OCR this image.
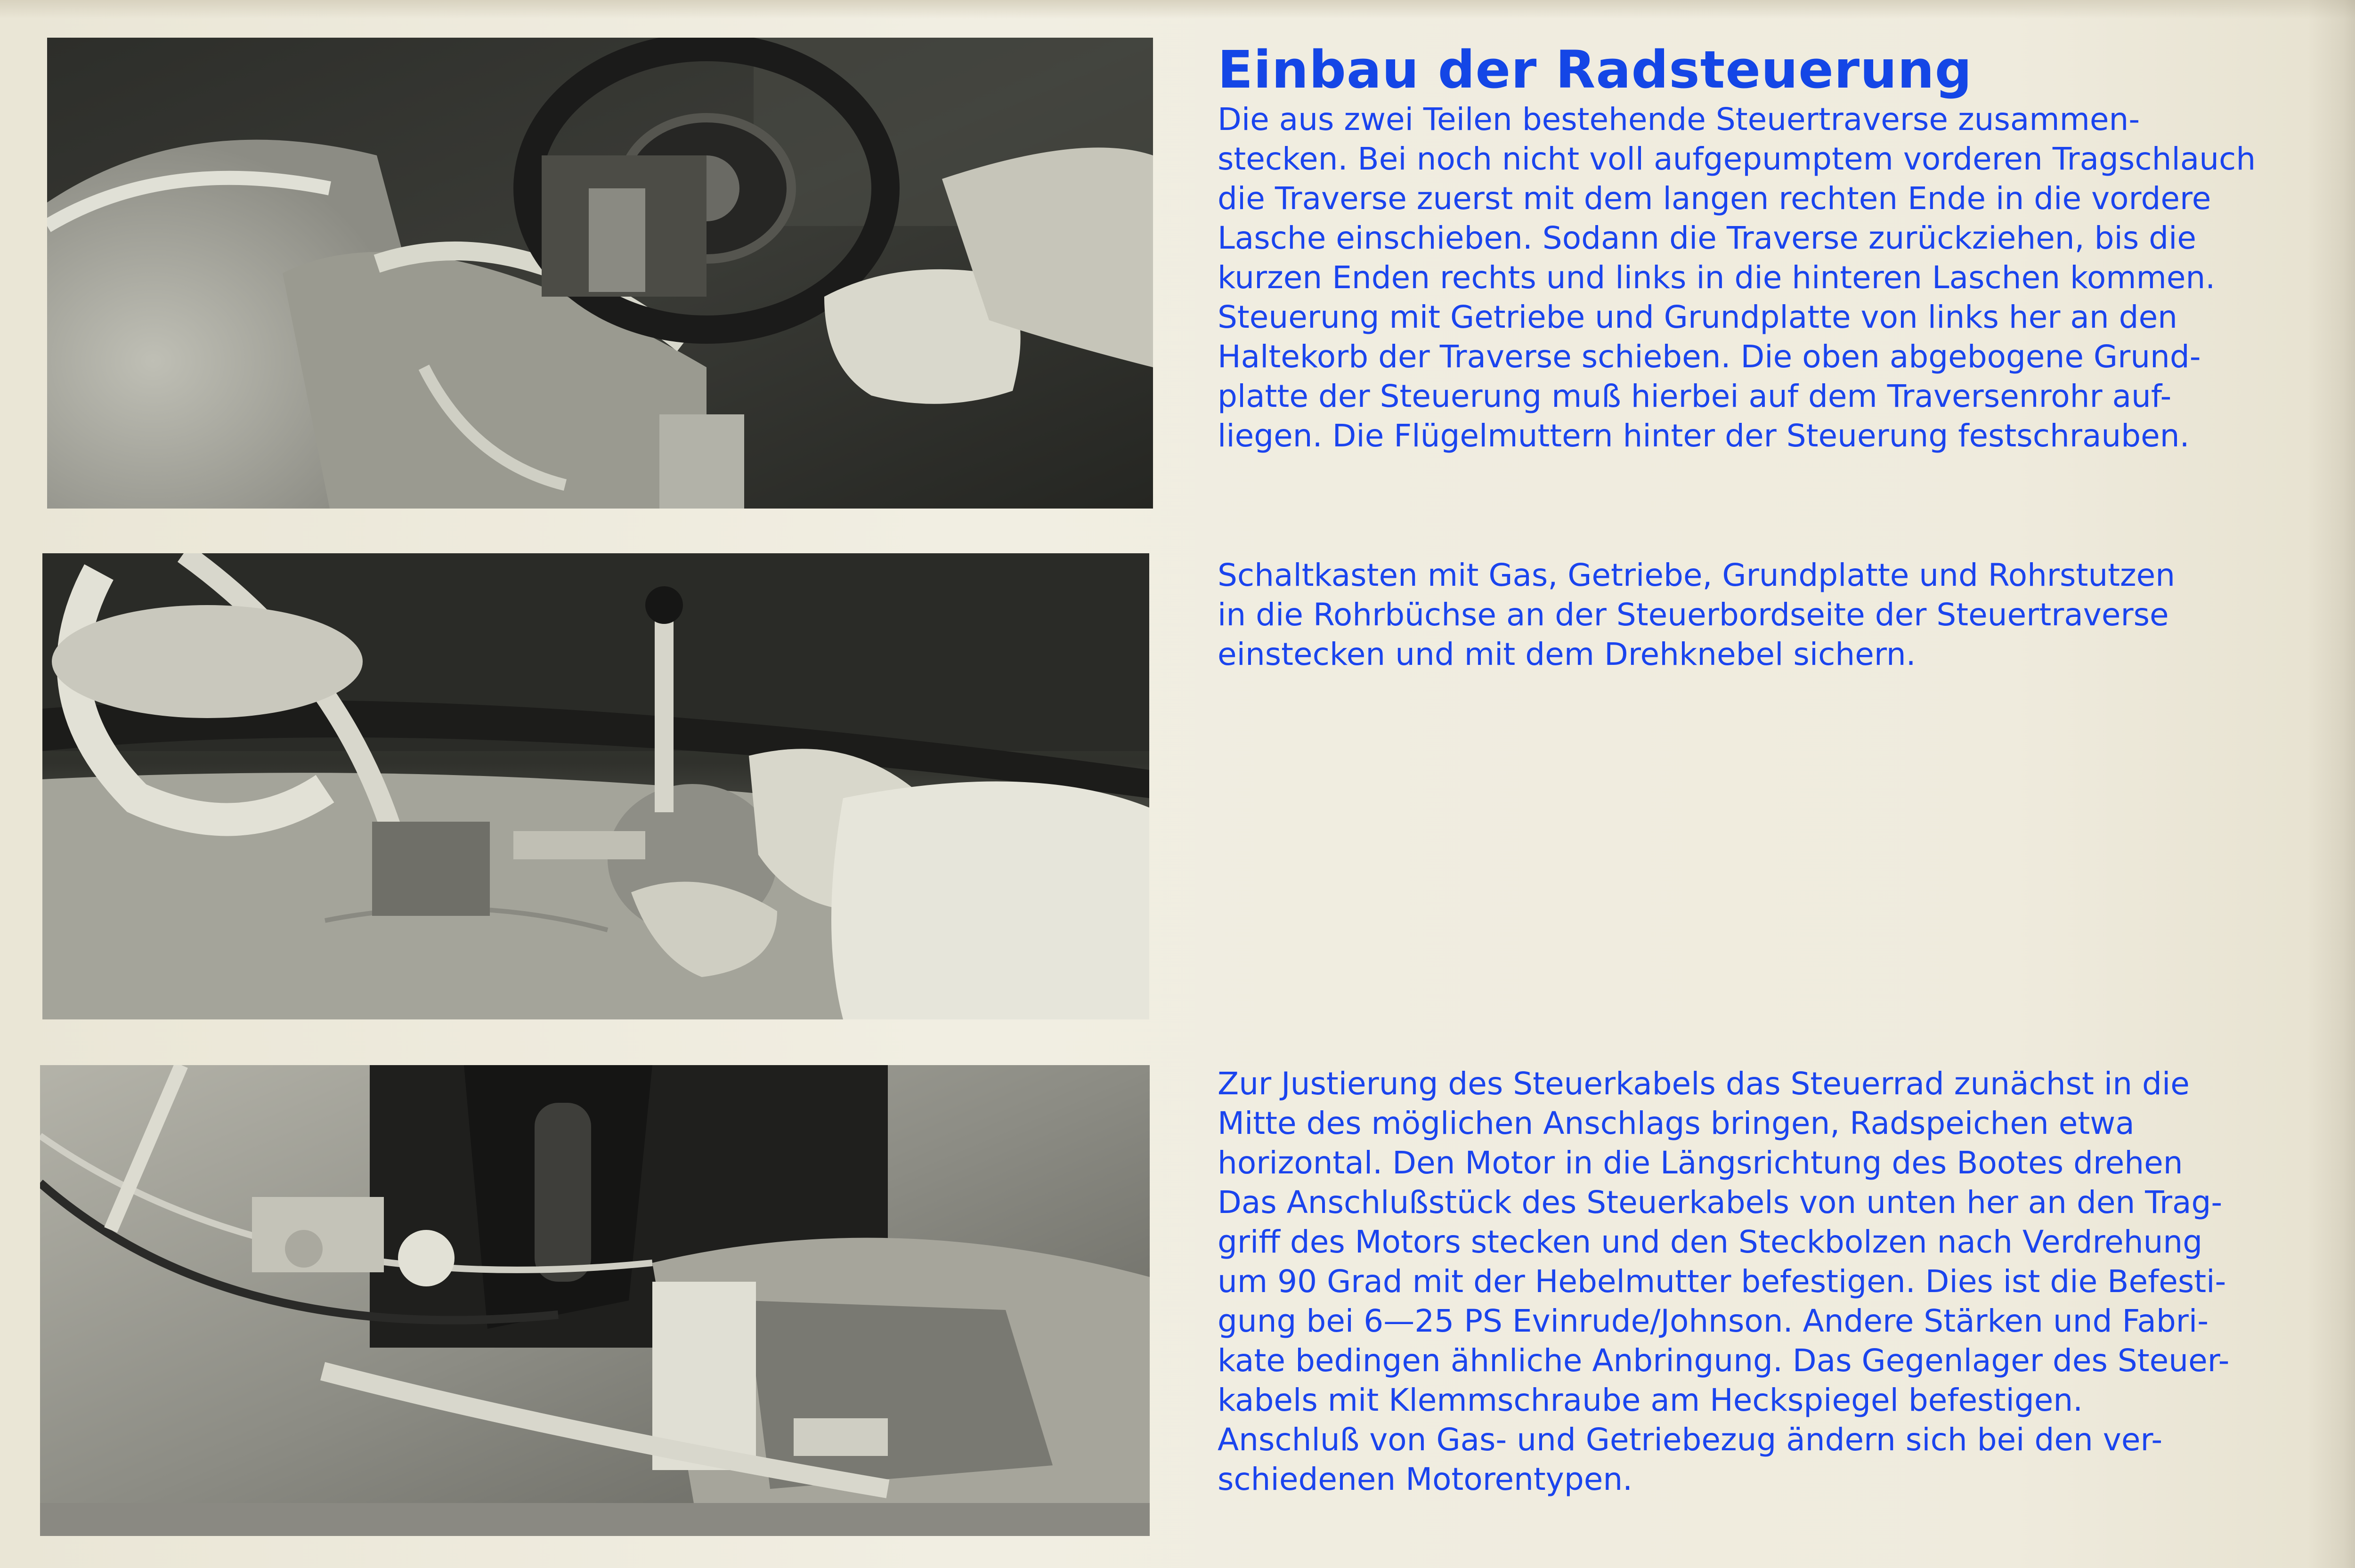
Einbau der Radsteuerung

Die aus zwei Teilen bestehende Steuertraverse zusammen-
stecken. Bei noch nicht voll aufgepumptem vorderen Tragschlauch
die Traverse zuerst mit dem langen rechten Ende in die vordere
Lasche einschieben. Sodann die Traverse zurückziehen, bis die
kurzen Enden rechts und links in die hinteren Laschen kommen.
Steuerung mit Getriebe und Grundplatte von links her an den
Haltekorb der Traverse schieben. Die oben abgebogene Grund-
platte der Steuerung muß hierbei auf dem Traversenrohr auf-
liegen. Die Flügelmuttern hinter der Steuerung festschrauben.

Schaltkasten mit Gas, Getriebe, Grundplatte und Rohrstutzen
in die Rohrbüchse an der Steuerbordseite der Steuertraverse
einstecken und mit dem Drehknebel sichern.

Zur Justierung des Steuerkabels das Steuerrad zunächst in die
Mitte des möglichen Anschlags bringen, Radspeichen etwa
horizontal. Den Motor in die Längsrichtung des Bootes drehen
Das Anschlußstück des Steuerkabels von unten her an den Trag-
griff des Motors stecken und den Steckbolzen nach Verdrehung
um 90 Grad mit der Hebelmutter befestigen. Dies ist die Befesti-
gung bei 6—25 PS Evinrude/Johnson. Andere Stärken und Fabri-
kate bedingen ähnliche Anbringung. Das Gegenlager des Steuer-
kabels mit Klemmschraube am Heckspiegel befestigen.
Anschluß von Gas- und Getriebezug ändern sich bei den ver-
schiedenen Motorentypen.
